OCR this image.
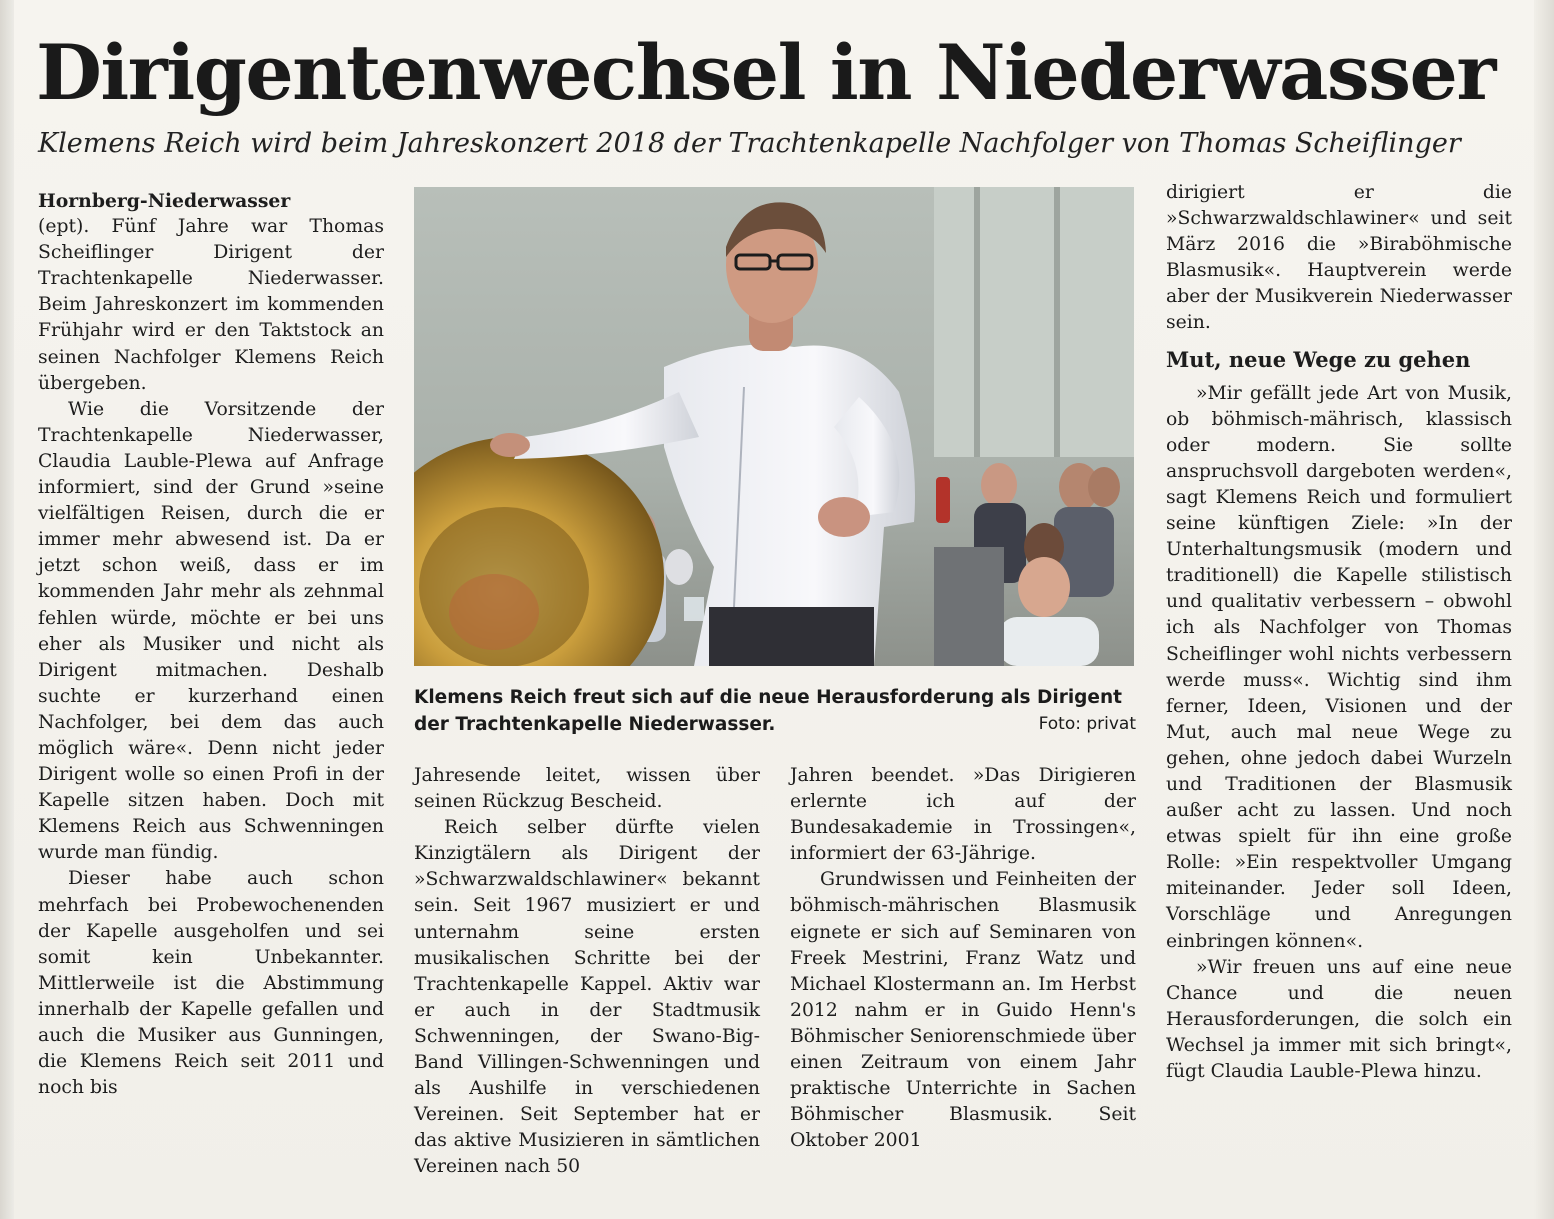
Dirigentenwechsel in Niederwasser
Klemens Reich wird beim Jahreskonzert 2018 der Trachtenkapelle Nachfolger von Thomas Scheiflinger

Hornberg-Niederwasser

(ept). Fünf Jahre war Thomas Scheiflinger Dirigent der Trachtenkapelle Niederwasser. Beim Jahreskonzert im kommenden Frühjahr wird er den Taktstock an seinen Nachfolger Klemens Reich übergeben.

Wie die Vorsitzende der Trachtenkapelle Niederwasser, Claudia Lauble-Plewa auf Anfrage informiert, sind der Grund »seine vielfältigen Reisen, durch die er immer mehr abwesend ist. Da er jetzt schon weiß, dass er im kommenden Jahr mehr als zehnmal fehlen würde, möchte er bei uns eher als Musiker und nicht als Dirigent mitmachen. Deshalb suchte er kurzerhand einen Nachfolger, bei dem das auch möglich wäre«. Denn nicht jeder Dirigent wolle so einen Profi in der Kapelle sitzen haben. Doch mit Klemens Reich aus Schwenningen wurde man fündig.

Dieser habe auch schon mehrfach bei Probewochenenden der Kapelle ausgeholfen und sei somit kein Unbekannter. Mittlerweile ist die Abstimmung innerhalb der Kapelle gefallen und auch die Musiker aus Gunningen, die Klemens Reich seit 2011 und noch bis

Klemens Reich freut sich auf die neue Herausforderung als Dirigent der Trachtenkapelle Niederwasser.	Foto: privat

Jahresende leitet, wissen über seinen Rückzug Bescheid.

Reich selber dürfte vielen Kinzigtälern als Dirigent der »Schwarzwaldschlawiner« bekannt sein. Seit 1967 musiziert er und unternahm seine ersten musikalischen Schritte bei der Trachtenkapelle Kappel. Aktiv war er auch in der Stadtmusik Schwenningen, der Swano-Big-Band Villingen-Schwenningen und als Aushilfe in verschiedenen Vereinen. Seit September hat er das aktive Musizieren in sämtlichen Vereinen nach 50

Jahren beendet. »Das Dirigieren erlernte ich auf der Bundesakademie in Trossingen«, informiert der 63-Jährige.

Grundwissen und Feinheiten der böhmisch-mährischen Blasmusik eignete er sich auf Seminaren von Freek Mestrini, Franz Watz und Michael Klostermann an. Im Herbst 2012 nahm er in Guido Henn's Böhmischer Seniorenschmiede über einen Zeitraum von einem Jahr praktische Unterrichte in Sachen Böhmischer Blasmusik. Seit Oktober 2001

dirigiert er die »Schwarzwaldschlawiner« und seit März 2016 die »Biraböhmische Blasmusik«. Hauptverein werde aber der Musikverein Niederwasser sein.

Mut, neue Wege zu gehen

»Mir gefällt jede Art von Musik, ob böhmisch-mährisch, klassisch oder modern. Sie sollte anspruchsvoll dargeboten werden«, sagt Klemens Reich und formuliert seine künftigen Ziele: »In der Unterhaltungsmusik (modern und traditionell) die Kapelle stilistisch und qualitativ verbessern – obwohl ich als Nachfolger von Thomas Scheiflinger wohl nichts verbessern werde muss«. Wichtig sind ihm ferner, Ideen, Visionen und der Mut, auch mal neue Wege zu gehen, ohne jedoch dabei Wurzeln und Traditionen der Blasmusik außer acht zu lassen. Und noch etwas spielt für ihn eine große Rolle: »Ein respektvoller Umgang miteinander. Jeder soll Ideen, Vorschläge und Anregungen einbringen können«.

»Wir freuen uns auf eine neue Chance und die neuen Herausforderungen, die solch ein Wechsel ja immer mit sich bringt«, fügt Claudia Lauble-Plewa hinzu.
